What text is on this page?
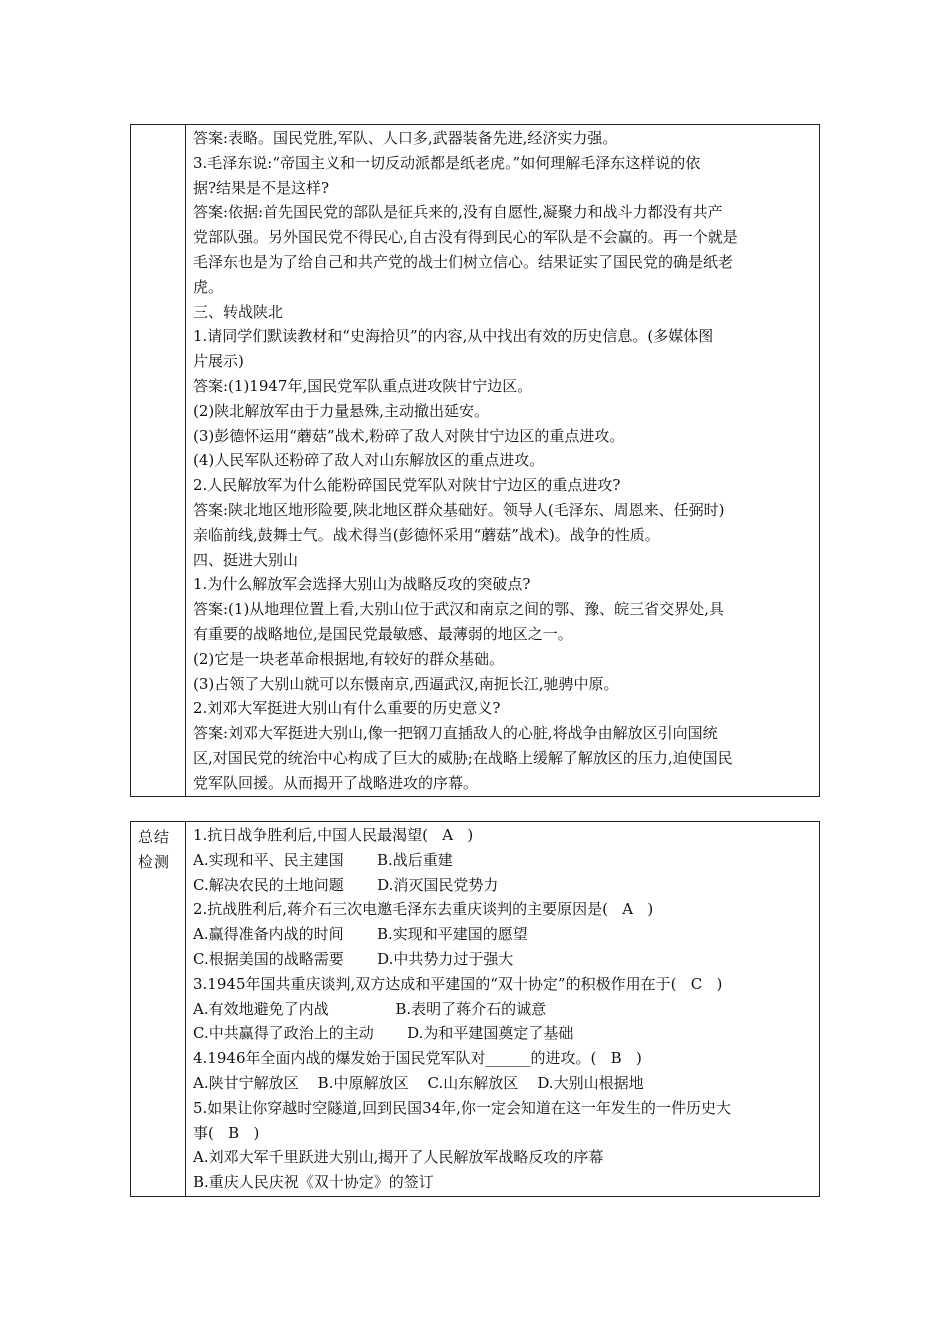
答案:表略。国民党胜,军队、人口多,武器装备先进,经济实力强。
3.毛泽东说:“帝国主义和一切反动派都是纸老虎。”如何理解毛泽东这样说的依
据?结果是不是这样?
答案:依据:首先国民党的部队是征兵来的,没有自愿性,凝聚力和战斗力都没有共产
党部队强。另外国民党不得民心,自古没有得到民心的军队是不会赢的。再一个就是
毛泽东也是为了给自己和共产党的战士们树立信心。结果证实了国民党的确是纸老
虎。
三、转战陕北
1.请同学们默读教材和“史海拾贝”的内容,从中找出有效的历史信息。(多媒体图
片展示)
答案:(1)1947年,国民党军队重点进攻陕甘宁边区。
(2)陕北解放军由于力量悬殊,主动撤出延安。
(3)彭德怀运用“蘑菇”战术,粉碎了敌人对陕甘宁边区的重点进攻。
(4)人民军队还粉碎了敌人对山东解放区的重点进攻。
2.人民解放军为什么能粉碎国民党军队对陕甘宁边区的重点进攻?
答案:陕北地区地形险要,陕北地区群众基础好。领导人(毛泽东、周恩来、任弼时)
亲临前线,鼓舞士气。战术得当(彭德怀采用“蘑菇”战术)。战争的性质。
四、挺进大别山
1.为什么解放军会选择大别山为战略反攻的突破点?
答案:(1)从地理位置上看,大别山位于武汉和南京之间的鄂、豫、皖三省交界处,具
有重要的战略地位,是国民党最敏感、最薄弱的地区之一。
(2)它是一块老革命根据地,有较好的群众基础。
(3)占领了大别山就可以东慑南京,西逼武汉,南扼长江,驰骋中原。
2.刘邓大军挺进大别山有什么重要的历史意义?
答案:刘邓大军挺进大别山,像一把钢刀直插敌人的心脏,将战争由解放区引向国统
区,对国民党的统治中心构成了巨大的威胁;在战略上缓解了解放区的压力,迫使国民
党军队回援。从而揭开了战略进攻的序幕。
总结
检测
1.抗日战争胜利后,中国人民最渴望(   A   )
A.实现和平、民主建国       B.战后重建
C.解决农民的土地问题       D.消灭国民党势力
2.抗战胜利后,蒋介石三次电邀毛泽东去重庆谈判的主要原因是(   A   )
A.赢得准备内战的时间       B.实现和平建国的愿望
C.根据美国的战略需要       D.中共势力过于强大
3.1945年国共重庆谈判,双方达成和平建国的“双十协定”的积极作用在于(   C   )
A.有效地避免了内战              B.表明了蒋介石的诚意
C.中共赢得了政治上的主动       D.为和平建国奠定了基础
4.1946年全面内战的爆发始于国民党军队对______的进攻。(   B   )
A.陕甘宁解放区    B.中原解放区    C.山东解放区    D.大别山根据地
5.如果让你穿越时空隧道,回到民国34年,你一定会知道在这一年发生的一件历史大
事(   B   )
A.刘邓大军千里跃进大别山,揭开了人民解放军战略反攻的序幕
B.重庆人民庆祝《双十协定》的签订
